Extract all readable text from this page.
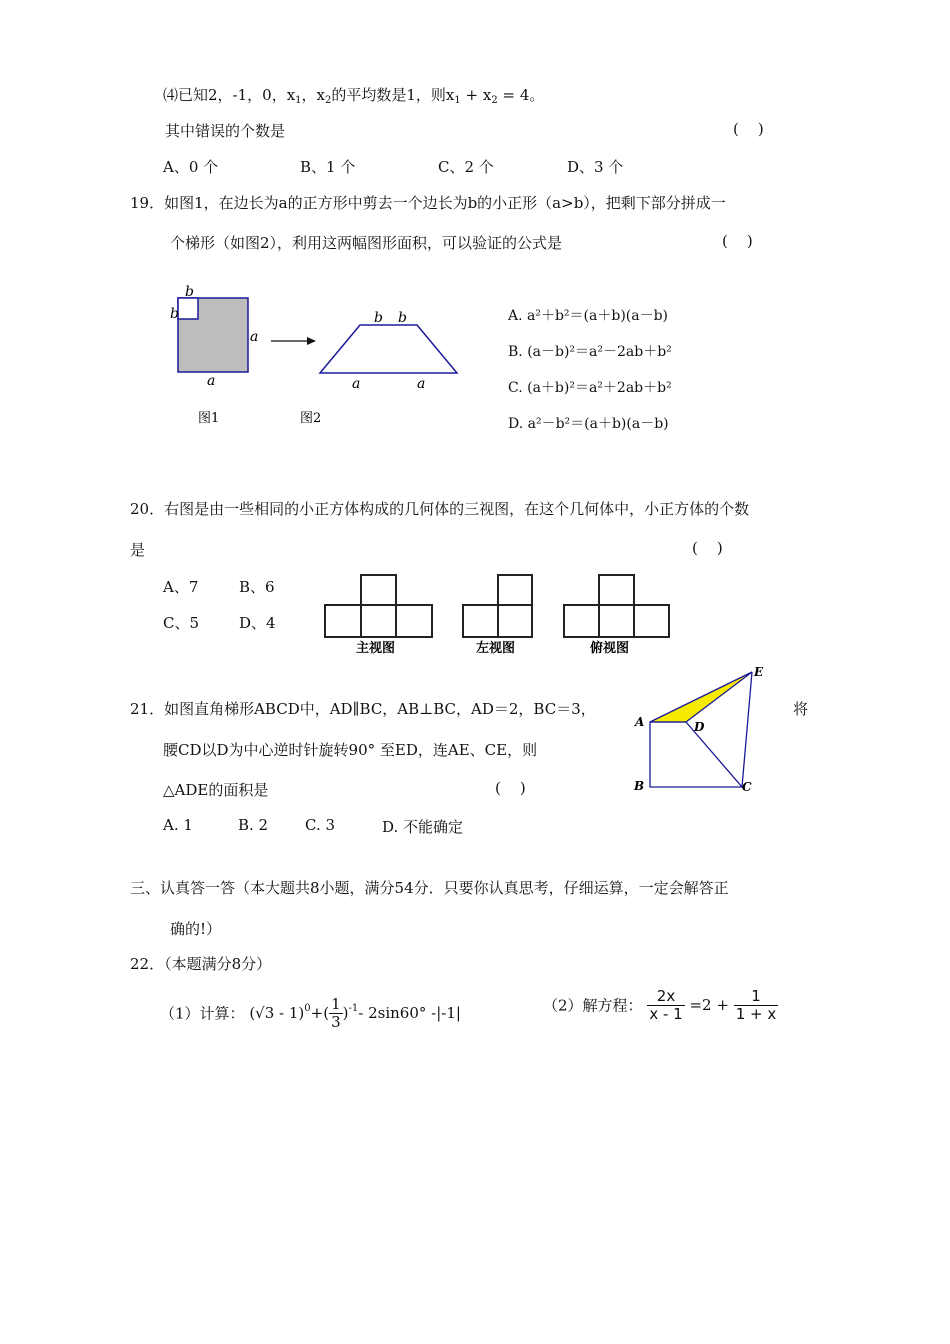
⑷已知2，-1，0，$x_1$，$x_2$的平均数是1，则$x_1 + x_2 = 4$。
其中错误的个数是	(    )
A、0 个	B、1 个	C、2 个	D、3 个
19．如图1，在边长为a的正方形中剪去一个边长为b的小正形（a>b），把剩下部分拼成一
个梯形（如图2），利用这两幅图形面积，可以验证的公式是	(    )
b
b
a
a
b b
a	a
图1	图2
A. a²＋b²＝(a＋b)(a－b)
B. (a－b)²＝a²－2ab＋b²
C. (a＋b)²＝a²＋2ab＋b²
D. a²－b²＝(a＋b)(a－b)
20．右图是由一些相同的小正方体构成的几何体的三视图，在这个几何体中，小正方体的个数
是	(    )
A、7	B、6
C、5	D、4
主视图	左视图	俯视图
21．如图直角梯形ABCD中，AD∥BC，AB⊥BC，AD＝2，BC＝3，	将
腰CD以D为中心逆时针旋转90° 至ED，连AE、CE，则
△ADE的面积是	(    )
A. 1	B. 2 C. 3	D. 不能确定
A	D
E
B	C
三、认真答一答（本大题共8小题，满分54分．只要你认真思考，仔细运算，一定会解答正
确的!）
22．（本题满分8分）
（1）计算： $(√3 - 1)^0+( \frac{1}{3} )^{-1}-$ 2sin60° -|-1|	（2）解方程： $\frac{2x}{x - 1} =2 + \frac{1}{1 + x}$
